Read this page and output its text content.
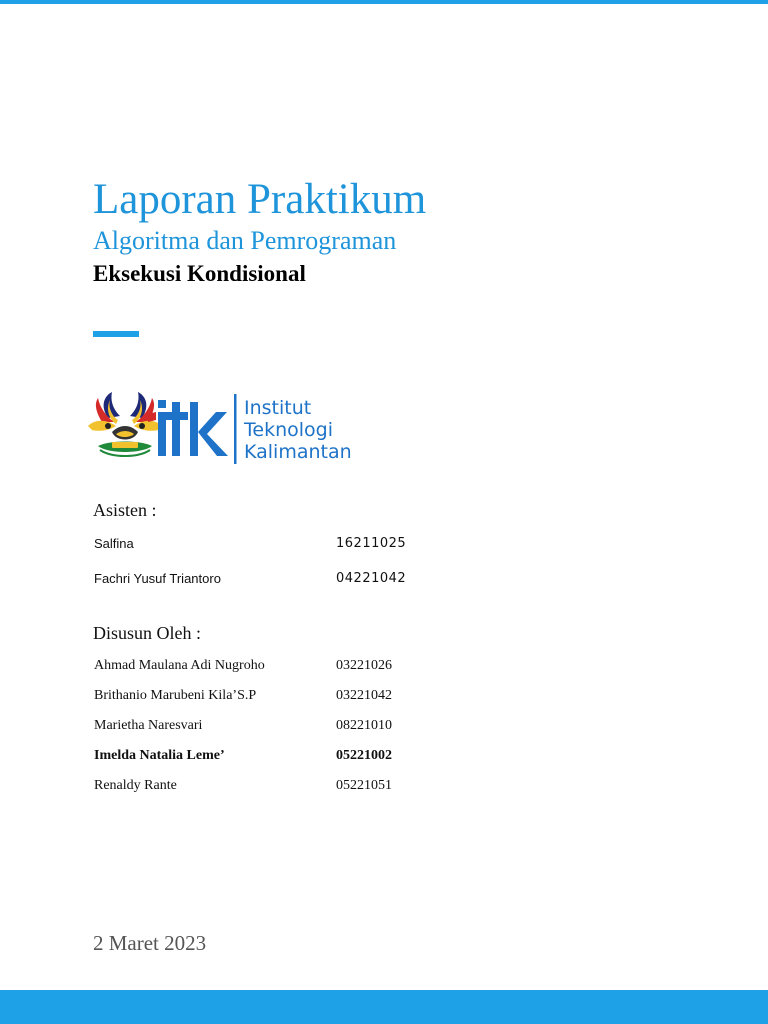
Laporan Praktikum
Algoritma dan Pemrograman
Eksekusi Kondisional
Institut
Teknologi
Kalimantan
Asisten :
Salfina	16211025
Fachri Yusuf Triantoro	04221042
Disusun Oleh :
Ahmad Maulana Adi Nugroho	03221026
Brithanio Marubeni Kila’S.P	03221042
Marietha Naresvari	08221010
Imelda Natalia Leme’	05221002
Renaldy Rante	05221051
2 Maret 2023
